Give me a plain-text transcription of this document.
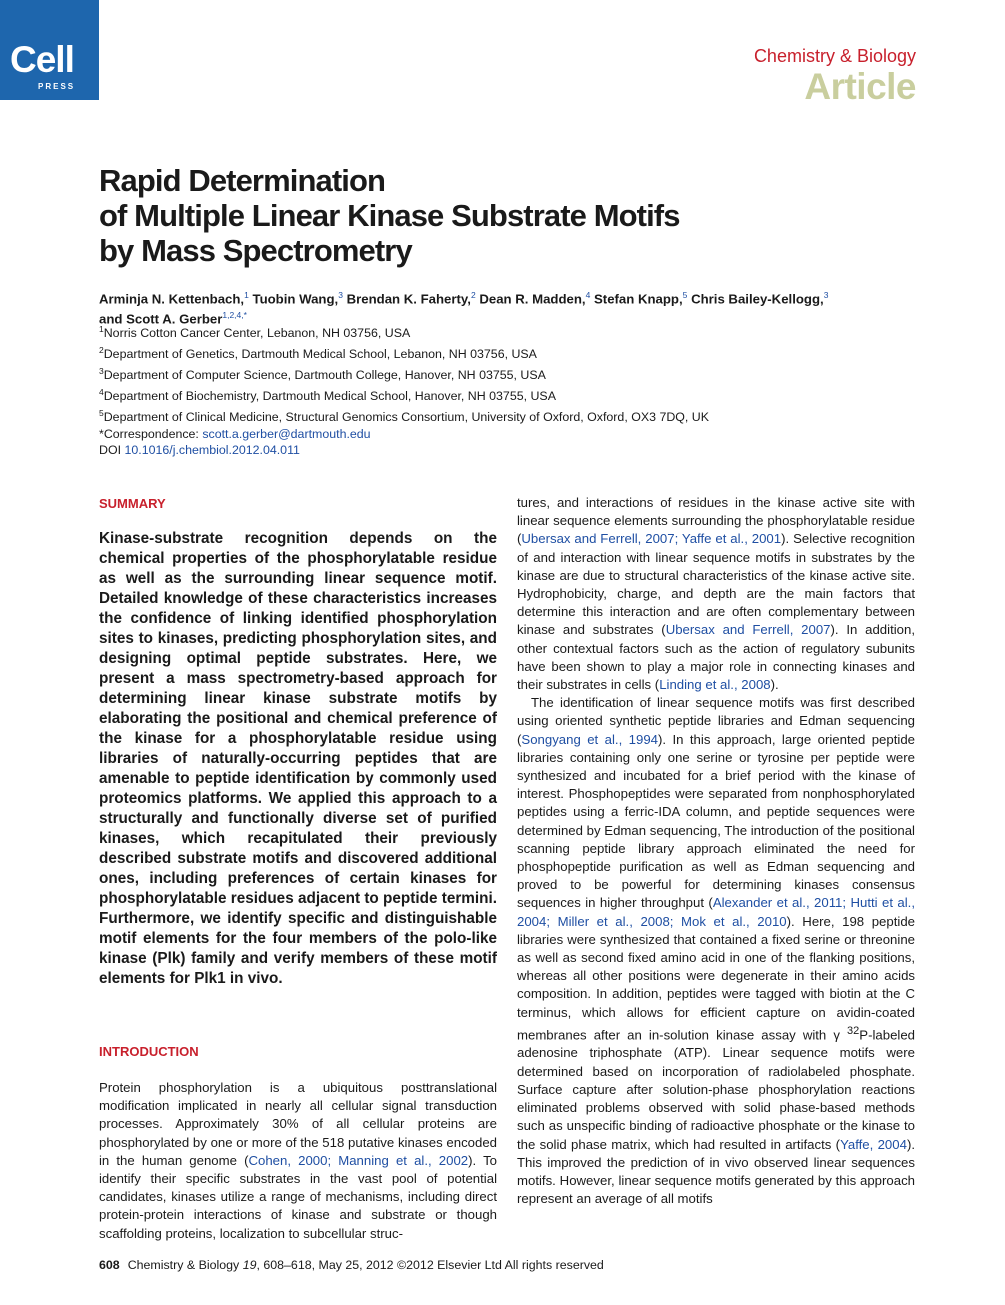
Cell
PRESS
Chemistry & Biology
Article
Rapid Determination
of Multiple Linear Kinase Substrate Motifs
by Mass Spectrometry
Arminja N. Kettenbach,$^1$ Tuobin Wang,$^3$ Brendan K. Faherty,$^2$ Dean R. Madden,$^4$ Stefan Knapp,$^5$ Chris Bailey-Kellogg,$^3$
and Scott A. Gerber$^{1,2,4,*}$
$^1$Norris Cotton Cancer Center, Lebanon, NH 03756, USA
$^2$Department of Genetics, Dartmouth Medical School, Lebanon, NH 03756, USA
$^3$Department of Computer Science, Dartmouth College, Hanover, NH 03755, USA
$^4$Department of Biochemistry, Dartmouth Medical School, Hanover, NH 03755, USA
$^5$Department of Clinical Medicine, Structural Genomics Consortium, University of Oxford, Oxford, OX3 7DQ, UK
*Correspondence: scott.a.gerber@dartmouth.edu
DOI 10.1016/j.chembiol.2012.04.011
SUMMARY
Kinase-substrate recognition depends on the chemical properties of the phosphorylatable residue as well as the surrounding linear sequence motif. Detailed knowledge of these characteristics increases the confidence of linking identified phosphorylation sites to kinases, predicting phosphorylation sites, and designing optimal peptide substrates. Here, we present a mass spectrometry-based approach for determining linear kinase substrate motifs by elaborating the positional and chemical preference of the kinase for a phosphorylatable residue using libraries of naturally-occurring peptides that are amenable to peptide identification by commonly used proteomics platforms. We applied this approach to a structurally and functionally diverse set of purified kinases, which recapitulated their previously described substrate motifs and discovered additional ones, including preferences of certain kinases for phosphorylatable residues adjacent to peptide termini. Furthermore, we identify specific and distinguishable motif elements for the four members of the polo-like kinase (Plk) family and verify members of these motif elements for Plk1 in vivo.
INTRODUCTION
Protein phosphorylation is a ubiquitous posttranslational modification implicated in nearly all cellular signal transduction processes. Approximately 30% of all cellular proteins are phosphorylated by one or more of the 518 putative kinases encoded in the human genome (Cohen, 2000; Manning et al., 2002). To identify their specific substrates in the vast pool of potential candidates, kinases utilize a range of mechanisms, including direct protein-protein interactions of kinase and substrate or though scaffolding proteins, localization to subcellular struc-

tures, and interactions of residues in the kinase active site with linear sequence elements surrounding the phosphorylatable residue (Ubersax and Ferrell, 2007; Yaffe et al., 2001). Selective recognition of and interaction with linear sequence motifs in substrates by the kinase are due to structural characteristics of the kinase active site. Hydrophobicity, charge, and depth are the main factors that determine this interaction and are often complementary between kinase and substrates (Ubersax and Ferrell, 2007). In addition, other contextual factors such as the action of regulatory subunits have been shown to play a major role in connecting kinases and their substrates in cells (Linding et al., 2008).

The identification of linear sequence motifs was first described using oriented synthetic peptide libraries and Edman sequencing (Songyang et al., 1994). In this approach, large oriented peptide libraries containing only one serine or tyrosine per peptide were synthesized and incubated for a brief period with the kinase of interest. Phosphopeptides were separated from nonphosphorylated peptides using a ferric-IDA column, and peptide sequences were determined by Edman sequencing, The introduction of the positional scanning peptide library approach eliminated the need for phosphopeptide purification as well as Edman sequencing and proved to be powerful for determining kinases consensus sequences in higher throughput (Alexander et al., 2011; Hutti et al., 2004; Miller et al., 2008; Mok et al., 2010). Here, 198 peptide libraries were synthesized that contained a fixed serine or threonine as well as second fixed amino acid in one of the flanking positions, whereas all other positions were degenerate in their amino acids composition. In addition, peptides were tagged with biotin at the C terminus, which allows for efficient capture on avidin-coated membranes after an in-solution kinase assay with γ $^{32}$P-labeled adenosine triphosphate (ATP). Linear sequence motifs were determined based on incorporation of radiolabeled phosphate. Surface capture after solution-phase phosphorylation reactions eliminated problems observed with solid phase-based methods such as unspecific binding of radioactive phosphate or the kinase to the solid phase matrix, which had resulted in artifacts (Yaffe, 2004). This improved the prediction of in vivo observed linear sequences motifs. However, linear sequence motifs generated by this approach represent an average of all motifs

608 Chemistry & Biology 19, 608–618, May 25, 2012 ©2012 Elsevier Ltd All rights reserved
